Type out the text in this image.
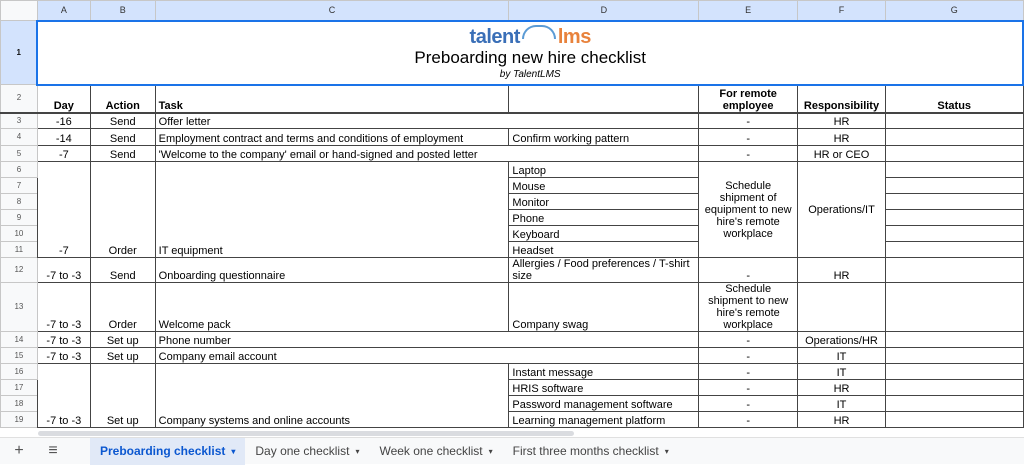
	A	B	C	D	E	F	G
1	talent lms
Preboarding new hire checklist
by TalentLMS						

2	Day	Action	Task		For remote employee	Responsibility	Status
3	-16	Send	Offer letter		-	HR	
4	-14	Send	Employment contract and terms and conditions of employment	Confirm working pattern	-	HR	
5	-7	Send	'Welcome to the company' email or hand-signed and posted letter		-	HR or CEO	
6	-7	Order	IT equipment	Laptop	Schedule shipment of equipment to new hire's remote workplace	Operations/IT	
7				Mouse			
8				Monitor			
9				Phone			
10				Keyboard			
11				Headset			
12	-7 to -3	Send	Onboarding questionnaire	Allergies / Food preferences / T-shirt size	-	HR	
13	-7 to -3	Order	Welcome pack	Company swag	Schedule shipment to new hire's remote workplace		
14	-7 to -3	Set up	Phone number		-	Operations/HR	
15	-7 to -3	Set up	Company email account		-	IT	
16	-7 to -3	Set up	Company systems and online accounts	Instant message	-	IT	
17				HRIS software	-	HR	
18				Password management software	-	IT	
19				Learning management platform	-	HR	
+	≡	Preboarding checklist ▾ Day one checklist ▾ Week one checklist ▾ First three months checklist ▾
